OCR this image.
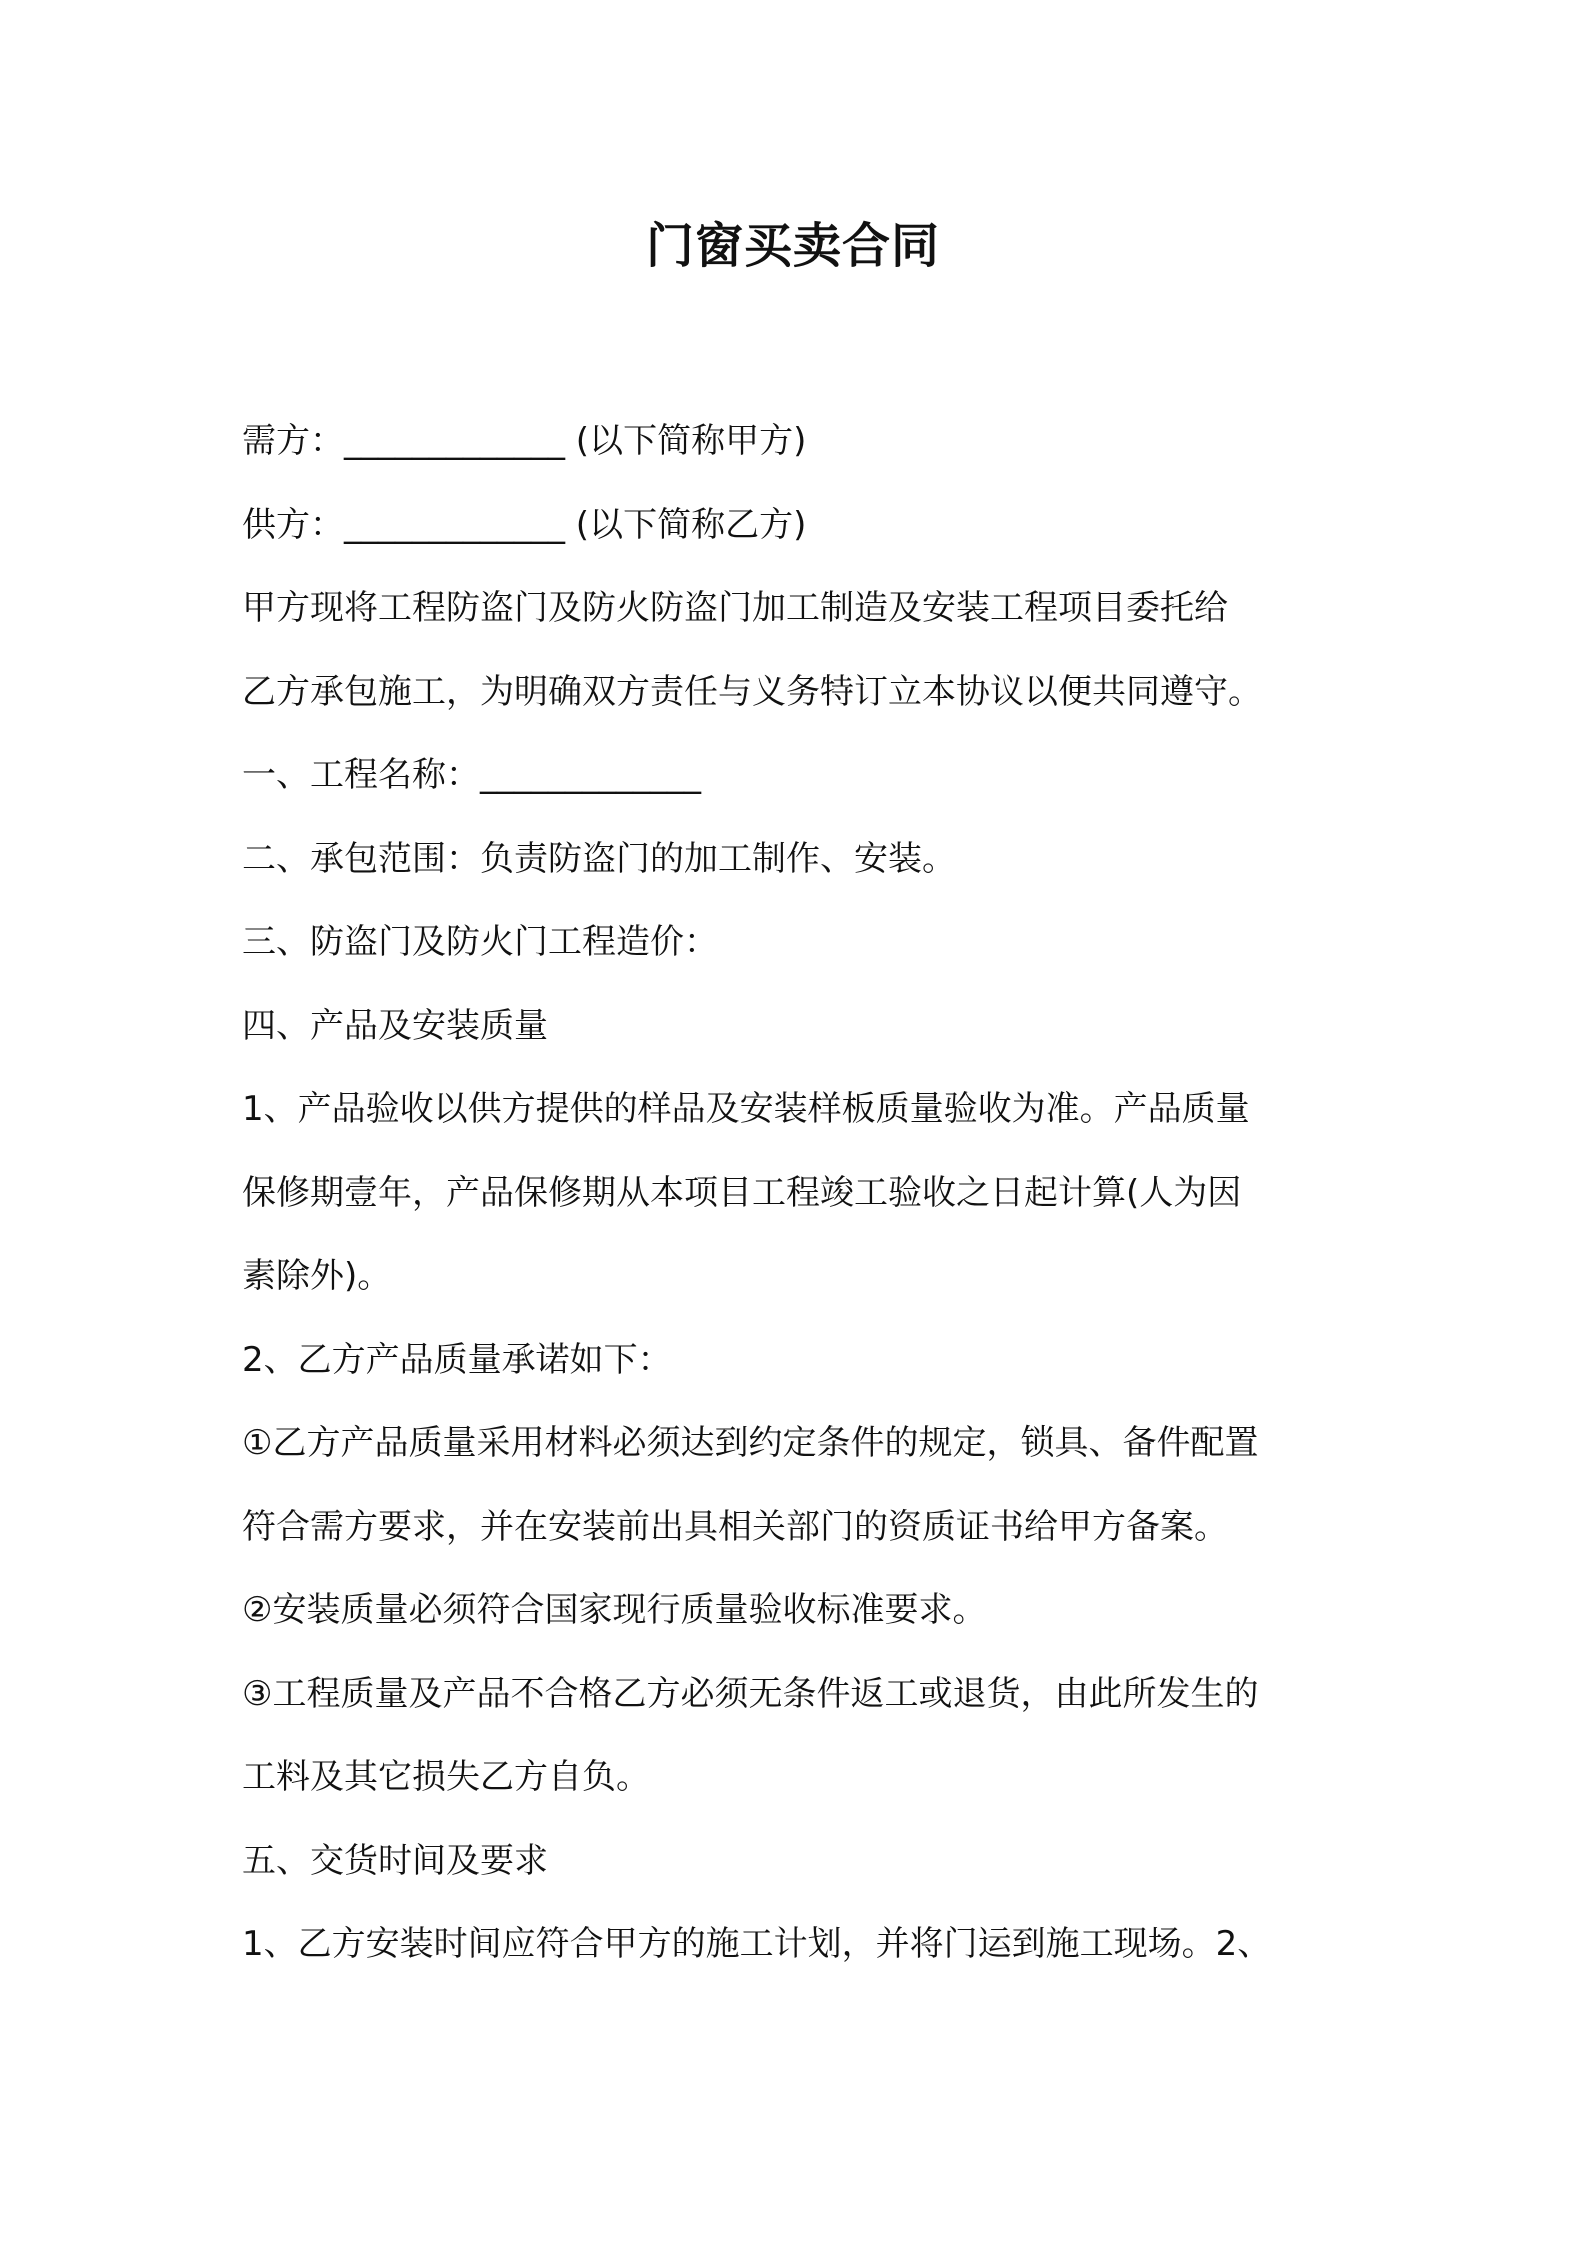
门窗买卖合同
需方：_____________ (以下简称甲方)
供方：_____________ (以下简称乙方)
甲方现将工程防盗门及防火防盗门加工制造及安装工程项目委托给
乙方承包施工，为明确双方责任与义务特订立本协议以便共同遵守。
一、工程名称：_____________
二、承包范围：负责防盗门的加工制作、安装。
三、防盗门及防火门工程造价：
四、产品及安装质量
1、产品验收以供方提供的样品及安装样板质量验收为准。产品质量
保修期壹年，产品保修期从本项目工程竣工验收之日起计算(人为因
素除外)。
2、乙方产品质量承诺如下：
①乙方产品质量采用材料必须达到约定条件的规定，锁具、备件配置
符合需方要求，并在安装前出具相关部门的资质证书给甲方备案。
②安装质量必须符合国家现行质量验收标准要求。
③工程质量及产品不合格乙方必须无条件返工或退货，由此所发生的
工料及其它损失乙方自负。
五、交货时间及要求
1、乙方安装时间应符合甲方的施工计划，并将门运到施工现场。2、
